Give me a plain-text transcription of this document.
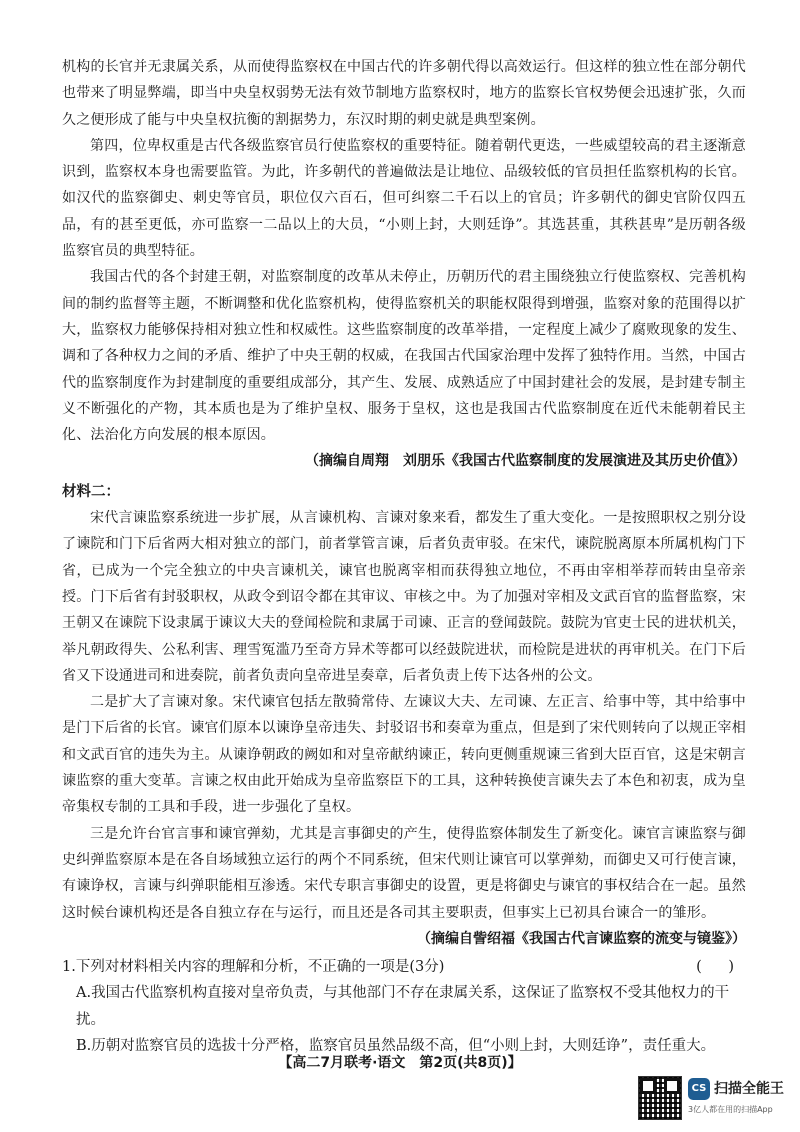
机构的长官并无隶属关系，从而使得监察权在中国古代的许多朝代得以高效运行。但这样的独立性在部分朝代也带来了明显弊端，即当中央皇权弱势无法有效节制地方监察权时，地方的监察长官权势便会迅速扩张，久而久之便形成了能与中央皇权抗衡的割据势力，东汉时期的刺史就是典型案例。

第四，位卑权重是古代各级监察官员行使监察权的重要特征。随着朝代更迭，一些威望较高的君主逐渐意识到，监察权本身也需要监管。为此，许多朝代的普遍做法是让地位、品级较低的官员担任监察机构的长官。如汉代的监察御史、刺史等官员，职位仅六百石，但可纠察二千石以上的官员；许多朝代的御史官阶仅四五品，有的甚至更低，亦可监察一二品以上的大员，“小则上封，大则廷诤”。其选甚重，其秩甚卑”是历朝各级监察官员的典型特征。

我国古代的各个封建王朝，对监察制度的改革从未停止，历朝历代的君主围绕独立行使监察权、完善机构间的制约监督等主题，不断调整和优化监察机构，使得监察机关的职能权限得到增强，监察对象的范围得以扩大，监察权力能够保持相对独立性和权威性。这些监察制度的改革举措，一定程度上减少了腐败现象的发生、调和了各种权力之间的矛盾、维护了中央王朝的权威，在我国古代国家治理中发挥了独特作用。当然，中国古代的监察制度作为封建制度的重要组成部分，其产生、发展、成熟适应了中国封建社会的发展，是封建专制主义不断强化的产物，其本质也是为了维护皇权、服务于皇权，这也是我国古代监察制度在近代未能朝着民主化、法治化方向发展的根本原因。

（摘编自周翔　刘朋乐《我国古代监察制度的发展演进及其历史价值》）

材料二：

宋代言谏监察系统进一步扩展，从言谏机构、言谏对象来看，都发生了重大变化。一是按照职权之别分设了谏院和门下后省两大相对独立的部门，前者掌管言谏，后者负责审驳。在宋代，谏院脱离原本所属机构门下省，已成为一个完全独立的中央言谏机关，谏官也脱离宰相而获得独立地位，不再由宰相举荐而转由皇帝亲授。门下后省有封驳职权，从政令到诏令都在其审议、审核之中。为了加强对宰相及文武百官的监督监察，宋王朝又在谏院下设隶属于谏议大夫的登闻检院和隶属于司谏、正言的登闻鼓院。鼓院为官吏士民的进状机关，举凡朝政得失、公私利害、理雪冤滥乃至奇方异术等都可以经鼓院进状，而检院是进状的再审机关。在门下后省又下设通进司和进奏院，前者负责向皇帝进呈奏章，后者负责上传下达各州的公文。

二是扩大了言谏对象。宋代谏官包括左散骑常侍、左谏议大夫、左司谏、左正言、给事中等，其中给事中是门下后省的长官。谏官们原本以谏诤皇帝违失、封驳诏书和奏章为重点，但是到了宋代则转向了以规正宰相和文武百官的违失为主。从谏诤朝政的阙如和对皇帝献纳谏正，转向更侧重规谏三省到大臣百官，这是宋朝言谏监察的重大变革。言谏之权由此开始成为皇帝监察臣下的工具，这种转换使言谏失去了本色和初衷，成为皇帝集权专制的工具和手段，进一步强化了皇权。

三是允许台官言事和谏官弹劾，尤其是言事御史的产生，使得监察体制发生了新变化。谏官言谏监察与御史纠弹监察原本是在各自场域独立运行的两个不同系统，但宋代则让谏官可以掌弹劾，而御史又可行使言谏，有谏诤权，言谏与纠弹职能相互渗透。宋代专职言事御史的设置，更是将御史与谏官的事权结合在一起。虽然这时候台谏机构还是各自独立存在与运行，而且还是各司其主要职责，但事实上已初具台谏合一的雏形。

（摘编自訾绍福《我国古代言谏监察的流变与镜鉴》）

1.下列对材料相关内容的理解和分析，不正确的一项是(3分)	(　)

A.我国古代监察机构直接对皇帝负责，与其他部门不存在隶属关系，这保证了监察权不受其他权力的干扰。

B.历朝对监察官员的选拔十分严格，监察官员虽然品级不高，但“小则上封，大则廷诤”，责任重大。

【高二7月联考·语文　第2页(共8页)】
CS 扫描全能王
3亿人都在用的扫描App
